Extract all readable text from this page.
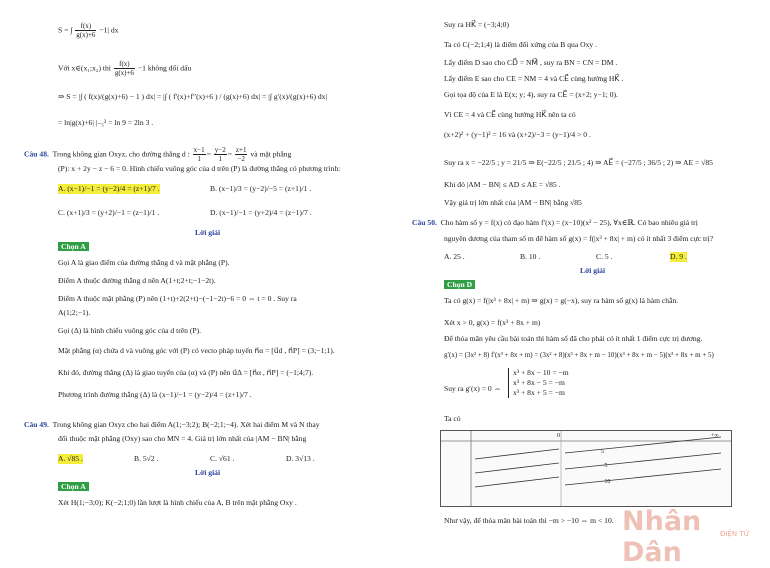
S = ∫ $\frac{f(x)}{g(x)+6} -1|$ dx
Với x∈(x₁;x₂) thì $\frac{f(x)}{g(x)+6} -1$ không đổi dấu
⇒ S = |∫ ( f(x)/(g(x)+6) − 1 ) dx| = |∫ ( f′(x)+f″(x)+6 ) / (g(x)+6) dx| = |∫ g′(x)/(g(x)+6) dx|
= ln|g(x)+6| |₋₅³ = ln 9 = 2ln 3 .
Câu 48. Trong không gian Oxyz, cho đường thẳng d : $\frac{x-1}{1} = \frac{y-2}{1} = \frac{z+1}{-2}$ và mặt phẳng
(P): x + 2y − z − 6 = 0. Hình chiếu vuông góc của d trên (P) là đường thẳng có phương trình:
A. (x−1)/−1 = (y−2)/4 = (z+1)/7 .	B. (x−1)/3 = (y−2)/−5 = (z+1)/1 .
C. (x+1)/3 = (y+2)/−1 = (z−1)/1 .	D. (x−1)/−1 = (y+2)/4 = (z−1)/7 .
Lời giải
Chọn A
Gọi A là giao điểm của đường thẳng d và mặt phẳng (P).
Điểm A thuộc đường thẳng d nên A(1+t;2+t;−1−2t).
Điểm A thuộc mặt phẳng (P) nên (1+t)+2(2+t)−(−1−2t)−6 = 0 ⇔ t = 0 . Suy ra
A(1;2;−1).
Gọi (Δ) là hình chiếu vuông góc của d trên (P).
Mặt phẳng (α) chứa d và vuông góc với (P) có vecto pháp tuyến n⃗α = [u⃗d , n⃗P] = (3;−1;1).
Khi đó, đường thẳng (Δ) là giao tuyến của (α) và (P) nên u⃗Δ = [n⃗α , n⃗P] = (−1;4;7).
Phương trình đường thẳng (Δ) là (x−1)/−1 = (y−2)/4 = (z+1)/7 .
Câu 49. Trong không gian Oxyz cho hai điểm A(1;−3;2); B(−2;1;−4). Xét hai điểm M và N thay
đổi thuộc mặt phẳng (Oxy) sao cho MN = 4. Giá trị lớn nhất của |AM − BN| bằng
A. √85 .	B. 5√2 .	C. √61 .	D. 3√13 .
Lời giải
Chọn A
Xét H(1;−3;0); K(−2;1;0) lần lượt là hình chiếu của A, B trên mặt phẳng Oxy .
Suy ra HK⃗ = (−3;4;0)
Ta có C(−2;1;4) là điểm đối xứng của B qua Oxy .
Lấy điểm D sao cho CD⃗ = NM⃗ , suy ra BN = CN = DM .
Lấy điểm E sao cho CE = NM = 4 và CE⃗ cùng hướng HK⃗ .
Gọi tọa độ của E là E(x; y; 4), suy ra CE⃗ = (x+2; y−1; 0).
Vì CE = 4 và CE⃗ cùng hướng HK⃗ nên ta có
(x+2)² + (y−1)² = 16 và (x+2)/−3 = (y−1)/4 > 0 .
Suy ra x = −22/5 ; y = 21/5 ⇒ E(−22/5 ; 21/5 ; 4) ⇒ AE⃗ = (−27/5 ; 36/5 ; 2) ⇒ AE = √85
Khi đó |AM − BN| ≤ AD ≤ AE = √85 .
Vậy giá trị lớn nhất của |AM − BN| bằng √85
Câu 50. Cho hàm số y = f(x) có đạo hàm f′(x) = (x−10)(x² − 25), ∀x∈ℝ. Có bao nhiêu giá trị
nguyên dương của tham số m để hàm số g(x) = f(|x³ + 8x| + m) có ít nhất 3 điểm cực trị?
A. 25 .	B. 10 .	C. 5 .	D. 9 .
Lời giải
Chọn D
Ta có g(x) = f(|x³ + 8x| + m) ⇒ g(x) = g(−x), suy ra hàm số g(x) là hàm chẵn.
Xét x > 0, g(x) = f(x³ + 8x + m)
Để thỏa mãn yêu cầu bài toán thì hàm số đã cho phải có ít nhất 1 điểm cực trị dương.
g′(x) = (3x² + 8) f′(x³ + 8x + m) = (3x² + 8)(x³ + 8x + m − 10)(x³ + 8x + m − 5)(x³ + 8x + m + 5)
Suy ra g′(x) = 0 ⇔
x³ + 8x − 10 = −m
x³ + 8x − 5 = −m
x³ + 8x + 5 = −m
Ta có
+∞
0
5
−5
−10
Như vậy, để thỏa mãn bài toán thì −m > −10 ⇔ m < 10. Nhân Dân
ĐIỆN TỬ
